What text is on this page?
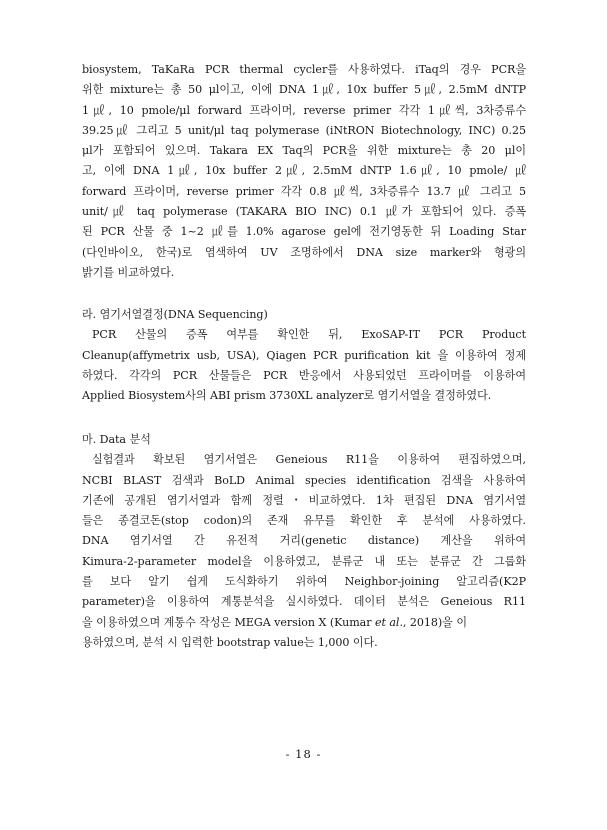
biosystem, TaKaRa PCR thermal cycler를 사용하였다. iTaq의 경우 PCR을
위한 mixture는 총 50 μl이고, 이에 DNA 1㎕, 10x buffer 5㎕, 2.5mM dNTP
1㎕, 10 pmole/μl forward 프라이머, reverse primer 각각 1㎕씩, 3차증류수
39.25㎕ 그리고 5 unit/μl taq polymerase (iNtRON Biotechnology, INC) 0.25
μl가 포함되어 있으며. Takara EX Taq의 PCR을 위한 mixture는 총 20 μl이
고, 이에 DNA 1㎕, 10x buffer 2㎕, 2.5mM dNTP 1.6㎕, 10 pmole/ ㎕
forward 프라이머, reverse primer 각각 0.8 ㎕씩, 3차증류수 13.7 ㎕ 그리고 5
unit/㎕ taq polymerase (TAKARA BIO INC) 0.1 ㎕가 포함되어 있다. 증폭
된 PCR 산물 중 1~2 ㎕를 1.0% agarose gel에 전기영동한 뒤 Loading Star
(다인바이오, 한국)로 염색하여 UV 조명하에서 DNA size marker와 형광의
밝기를 비교하였다.
라. 염기서열결정(DNA Sequencing)
PCR 산물의 증폭 여부를 확인한 뒤, ExoSAP-IT PCR Product
Cleanup(affymetrix usb, USA), Qiagen PCR purification kit 을 이용하여 정제
하였다. 각각의 PCR 산물들은 PCR 반응에서 사용되었던 프라이머를 이용하여
Applied Biosystem사의 ABI prism 3730XL analyzer로 염기서열을 결정하였다.
마. Data 분석
실험결과 확보된 염기서열은 Geneious R11을 이용하여 편집하였으며,
NCBI BLAST 검색과 BoLD Animal species identification 검색을 사용하여
기존에 공개된 염기서열과 함께 정렬・비교하였다. 1차 편집된 DNA 염기서열
들은 종결코돈(stop codon)의 존재 유무를 확인한 후 분석에 사용하였다.
DNA 염기서열 간 유전적 거리(genetic distance) 계산을 위하여
Kimura-2-parameter model을 이용하였고, 분류군 내 또는 분류군 간 그룹화
를 보다 알기 쉽게 도식화하기 위하여 Neighbor-joining 알고리즘(K2P
parameter)을 이용하여 계통분석을 실시하였다. 데이터 분석은 Geneious R11
을 이용하였으며 계통수 작성은 MEGA version X (Kumar et al., 2018)을 이
용하였으며, 분석 시 입력한 bootstrap value는 1,000 이다.
- 18 -
